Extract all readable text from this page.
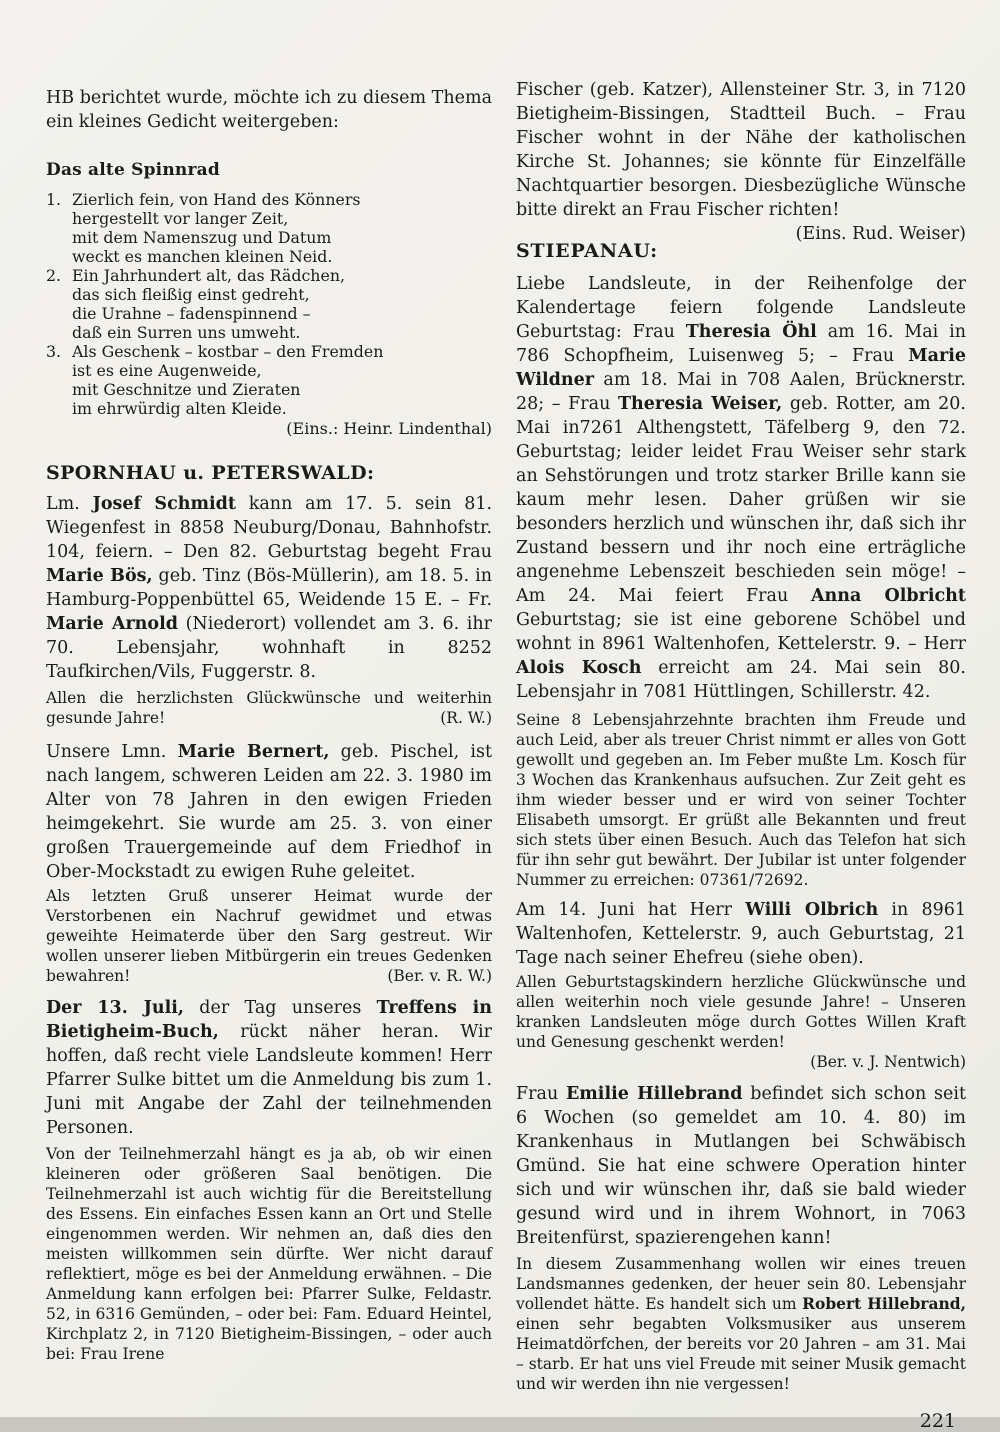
HB berichtet wurde, möchte ich zu diesem Thema ein kleines Gedicht weitergeben:

Das alte Spinnrad
1. Zierlich fein, von Hand des Könners
hergestellt vor langer Zeit,
mit dem Namenszug und Datum
weckt es manchen kleinen Neid.
2. Ein Jahrhundert alt, das Rädchen,
das sich fleißig einst gedreht,
die Urahne – fadenspinnend –
daß ein Surren uns umweht.
3. Als Geschenk – kostbar – den Fremden
ist es eine Augenweide,
mit Geschnitze und Zieraten
im ehrwürdig alten Kleide.
(Eins.: Heinr. Lindenthal)
SPORNHAU u. PETERSWALD:

Lm. Josef Schmidt kann am 17. 5. sein 81. Wiegenfest in 8858 Neuburg/Donau, Bahnhofstr. 104, feiern. – Den 82. Geburtstag begeht Frau Marie Bös, geb. Tinz (Bös-Müllerin), am 18. 5. in Hamburg-Poppenbüttel 65, Weidende 15 E. – Fr. Marie Arnold (Niederort) vollendet am 3. 6. ihr 70. Lebensjahr, wohnhaft in 8252 Taufkirchen/Vils, Fuggerstr. 8.

Allen die herzlichsten Glückwünsche und weiterhin gesunde Jahre!	(R. W.)

Unsere Lmn. Marie Bernert, geb. Pischel, ist nach langem, schweren Leiden am 22. 3. 1980 im Alter von 78 Jahren in den ewigen Frieden heimgekehrt. Sie wurde am 25. 3. von einer großen Trauergemeinde auf dem Friedhof in Ober-Mockstadt zu ewigen Ruhe geleitet.

Als letzten Gruß unserer Heimat wurde der Verstorbenen ein Nachruf gewidmet und etwas geweihte Heimaterde über den Sarg gestreut. Wir wollen unserer lieben Mitbürgerin ein treues Gedenken bewahren!	(Ber. v. R. W.)

Der 13. Juli, der Tag unseres Treffens in Bietigheim-Buch, rückt näher heran. Wir hoffen, daß recht viele Landsleute kommen! Herr Pfarrer Sulke bittet um die Anmeldung bis zum 1. Juni mit Angabe der Zahl der teilnehmenden Personen.

Von der Teilnehmerzahl hängt es ja ab, ob wir einen kleineren oder größeren Saal benötigen. Die Teilnehmerzahl ist auch wichtig für die Bereitstellung des Essens. Ein einfaches Essen kann an Ort und Stelle eingenommen werden. Wir nehmen an, daß dies den meisten willkommen sein dürfte. Wer nicht darauf reflektiert, möge es bei der Anmeldung erwähnen. – Die Anmeldung kann erfolgen bei: Pfarrer Sulke, Feldastr. 52, in 6316 Gemünden, – oder bei: Fam. Eduard Heintel, Kirchplatz 2, in 7120 Bietigheim-Bissingen, – oder auch bei: Frau Irene

Fischer (geb. Katzer), Allensteiner Str. 3, in 7120 Bietigheim-Bissingen, Stadtteil Buch. – Frau Fischer wohnt in der Nähe der katholischen Kirche St. Johannes; sie könnte für Einzelfälle Nachtquartier besorgen. Diesbezügliche Wünsche bitte direkt an Frau Fischer richten!
(Eins. Rud. Weiser)

STIEPANAU:

Liebe Landsleute, in der Reihenfolge der Kalendertage feiern folgende Landsleute Geburtstag: Frau Theresia Öhl am 16. Mai in 786 Schopfheim, Luisenweg 5; – Frau Marie Wildner am 18. Mai in 708 Aalen, Brücknerstr. 28; – Frau Theresia Weiser, geb. Rotter, am 20. Mai in7261 Althengstett, Täfelberg 9, den 72. Geburtstag; leider leidet Frau Weiser sehr stark an Sehstörungen und trotz starker Brille kann sie kaum mehr lesen. Daher grüßen wir sie besonders herzlich und wünschen ihr, daß sich ihr Zustand bessern und ihr noch eine erträgliche angenehme Lebenszeit beschieden sein möge! – Am 24. Mai feiert Frau Anna Olbricht Geburtstag; sie ist eine geborene Schöbel und wohnt in 8961 Waltenhofen, Kettelerstr. 9. – Herr Alois Kosch erreicht am 24. Mai sein 80. Lebensjahr in 7081 Hüttlingen, Schillerstr. 42.

Seine 8 Lebensjahrzehnte brachten ihm Freude und auch Leid, aber als treuer Christ nimmt er alles von Gott gewollt und gegeben an. Im Feber mußte Lm. Kosch für 3 Wochen das Krankenhaus aufsuchen. Zur Zeit geht es ihm wieder besser und er wird von seiner Tochter Elisabeth umsorgt. Er grüßt alle Bekannten und freut sich stets über einen Besuch. Auch das Telefon hat sich für ihn sehr gut bewährt. Der Jubilar ist unter folgender Nummer zu erreichen: 07361/72692.

Am 14. Juni hat Herr Willi Olbrich in 8961 Waltenhofen, Kettelerstr. 9, auch Geburtstag, 21 Tage nach seiner Ehefreu (siehe oben).

Allen Geburtstagskindern herzliche Glückwünsche und allen weiterhin noch viele gesunde Jahre! – Unseren kranken Landsleuten möge durch Gottes Willen Kraft und Genesung geschenkt werden!
(Ber. v. J. Nentwich)

Frau Emilie Hillebrand befindet sich schon seit 6 Wochen (so gemeldet am 10. 4. 80) im Krankenhaus in Mutlangen bei Schwäbisch Gmünd. Sie hat eine schwere Operation hinter sich und wir wünschen ihr, daß sie bald wieder gesund wird und in ihrem Wohnort, in 7063 Breitenfürst, spazierengehen kann!

In diesem Zusammenhang wollen wir eines treuen Landsmannes gedenken, der heuer sein 80. Lebensjahr vollendet hätte. Es handelt sich um Robert Hillebrand, einen sehr begabten Volksmusiker aus unserem Heimatdörfchen, der bereits vor 20 Jahren – am 31. Mai – starb. Er hat uns viel Freude mit seiner Musik gemacht und wir werden ihn nie vergessen!

221
